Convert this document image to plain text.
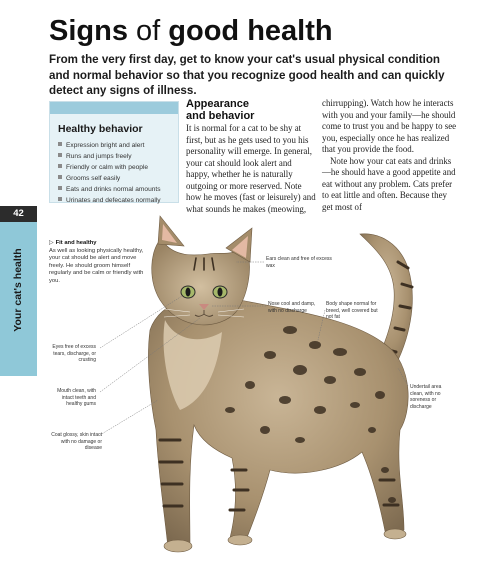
Signs of good health
From the very first day, get to know your cat's usual physical condition and normal behavior so that you recognize good health and can quickly detect any signs of illness.
Healthy behavior
Expression bright and alert
Runs and jumps freely
Friendly or calm with people
Grooms self easily
Eats and drinks normal amounts
Urinates and defecates normally
Appearance
and behavior

It is normal for a cat to be shy at first, but as he gets used to you his personality will emerge. In general, your cat should look alert and happy, whether he is naturally outgoing or more reserved. Note how he moves (fast or leisurely) and what sounds he makes (meowing,

chirrupping). Watch how he interacts with you and your family—he should come to trust you and be happy to see you, especially once he has realized that you provide the food.

Note how your cat eats and drinks—he should have a good appetite and eat without any problem. Cats prefer to eat little and often. Because they get most of

42
Your cat's health
▷ Fit and healthy
As well as looking physically healthy, your cat should be alert and move freely. He should groom himself regularly and be calm or friendly with you.
Ears clean and free of excess wax
Nose cool and damp, with no discharge
Body shape normal for breed, well covered but not fat
Eyes free of excess tears, discharge, or crusting
Mouth clean, with intact teeth and healthy gums
Coat glossy, skin intact with no damage or disease
Undertail area clean, with no soreness or discharge
